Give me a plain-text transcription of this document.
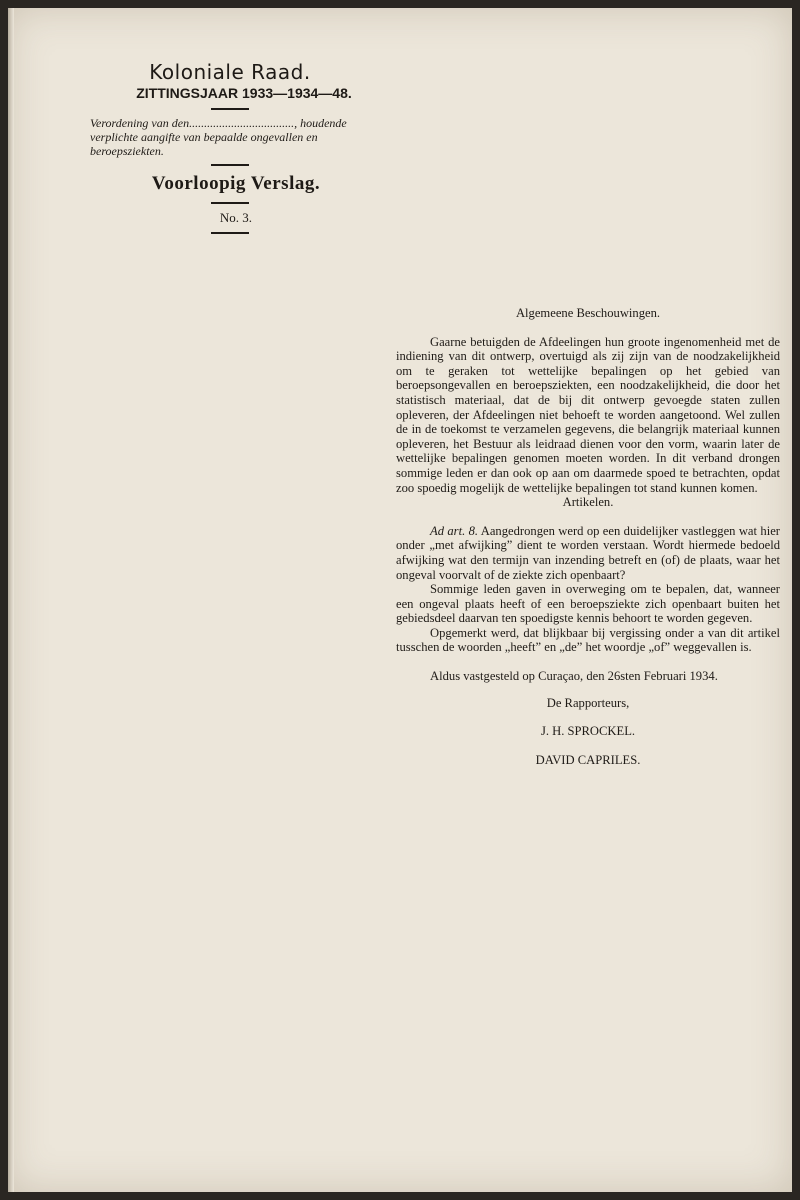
Koloniale Raad.
ZITTINGSJAAR 1933—1934—48.
Verordening van den..................................., houdende verplichte aangifte van bepaalde ongevallen en beroepsziekten.
Voorloopig Verslag.
No. 3.
Algemeene Beschouwingen.

Gaarne betuigden de Afdeelingen hun groote ingenomenheid met de indiening van dit ontwerp, overtuigd als zij zijn van de noodzakelijkheid om te geraken tot wettelijke bepalingen op het gebied van beroepsongevallen en beroepsziekten, een noodzakelijkheid, die door het statistisch materiaal, dat de bij dit ontwerp gevoegde staten zullen opleveren, der Afdeelingen niet behoeft te worden aangetoond. Wel zullen de in de toekomst te verzamelen gegevens, die belangrijk materiaal kunnen opleveren, het Bestuur als leidraad dienen voor den vorm, waarin later de wettelijke bepalingen genomen moeten worden. In dit verband drongen sommige leden er dan ook op aan om daarmede spoed te betrachten, opdat zoo spoedig mogelijk de wettelijke bepalingen tot stand kunnen komen.

Artikelen.

Ad art. 8. Aangedrongen werd op een duidelijker vastleggen wat hier onder „met afwijking” dient te worden verstaan. Wordt hiermede bedoeld afwijking wat den termijn van inzending betreft en (of) de plaats, waar het ongeval voorvalt of de ziekte zich openbaart?

Sommige leden gaven in overweging om te bepalen, dat, wanneer een ongeval plaats heeft of een beroepsziekte zich openbaart buiten het gebiedsdeel daarvan ten spoedigste kennis behoort te worden gegeven.

Opgemerkt werd, dat blijkbaar bij vergissing onder a van dit artikel tusschen de woorden „heeft” en „de” het woordje „of” weggevallen is.

Aldus vastgesteld op Curaçao, den 26sten Februari 1934.

De Rapporteurs,
J. H. SPROCKEL.
DAVID CAPRILES.
